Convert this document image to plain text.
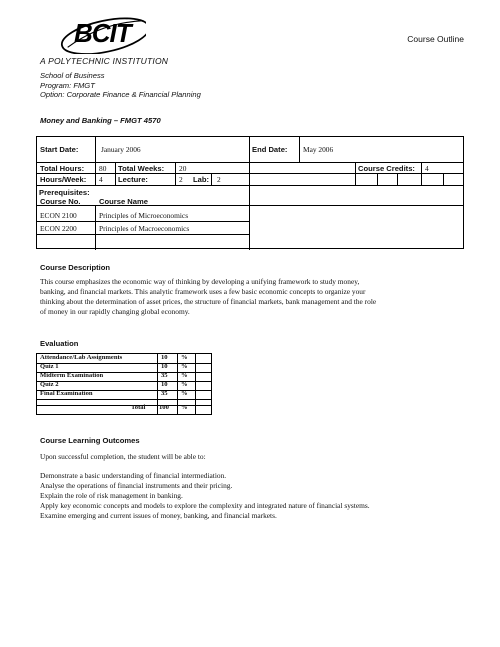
BCIT
A POLYTECHNIC INSTITUTION
Course Outline
School of Business
Program: FMGT
Option: Corporate Finance & Financial Planning
Money and Banking – FMGT 4570
Start Date:	January 2006	End Date: May 2006
Total Hours: 80 Total Weeks: 20	Course Credits: 4
Hours/Week: 4 Lecture:	2 Lab: 2
Prerequisites:
Course No. Course Name
ECON 2100	Principles of Microeconomics
ECON 2200	Principles of Macroeconomics
Course Description
This course emphasizes the economic way of thinking by developing a unifying framework to study money,
banking, and financial markets. This analytic framework uses a few basic economic concepts to organize your
thinking about the determination of asset prices, the structure of financial markets, bank management and the role
of money in our rapidly changing global economy.
Evaluation
Attendance/Lab Assignments	10 %
Quiz 1	10 %
Midterm Examination	35 %
Quiz 2	10 %
Final Examination	35 %
Total 100 %
Course Learning Outcomes
Upon successful completion, the student will be able to:
Demonstrate a basic understanding of financial intermediation.
Analyse the operations of financial instruments and their pricing.
Explain the role of risk management in banking.
Apply key economic concepts and models to explore the complexity and integrated nature of financial systems.
Examine emerging and current issues of money, banking, and financial markets.
